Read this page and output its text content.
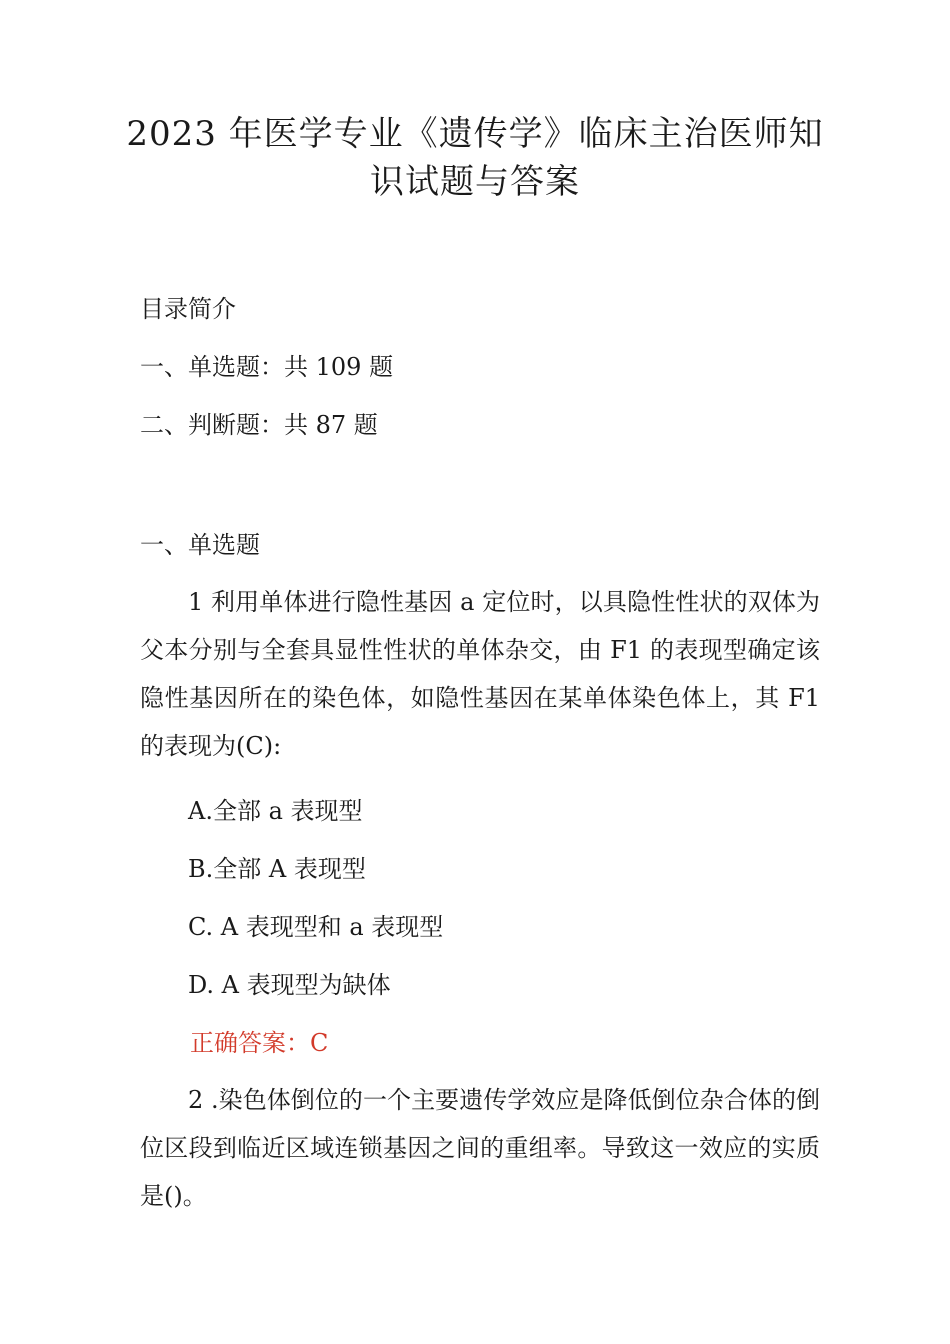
2023 年医学专业《遗传学》临床主治医师知
识试题与答案

目录简介

一、单选题：共 109 题

二、判断题：共 87 题

一、单选题

1 利用单体进行隐性基因 a 定位时，以具隐性性状的双体为父本分别与全套具显性性状的单体杂交，由 F1 的表现型确定该隐性基因所在的染色体，如隐性基因在某单体染色体上，其 F1 的表现为(C):

A.全部 a 表现型

B.全部 A 表现型

C. A 表现型和 a 表现型

D. A 表现型为缺体

正确答案：C

2 .染色体倒位的一个主要遗传学效应是降低倒位杂合体的倒位区段到临近区域连锁基因之间的重组率。导致这一效应的实质是()。
